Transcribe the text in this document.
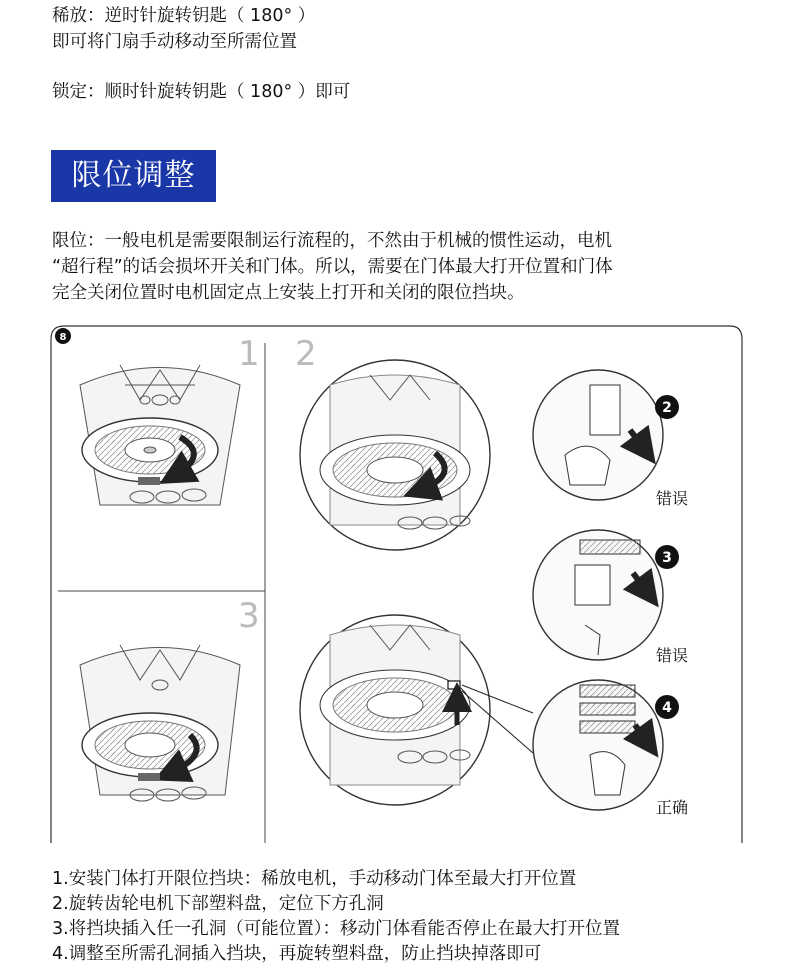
稀放：逆时针旋转钥匙（ 180° ）
即可将门扇手动移动至所需位置
锁定：顺时针旋转钥匙（ 180° ）即可
限位调整
限位：一般电机是需要限制运行流程的，不然由于机械的惯性运动，电机
“超行程”的话会损坏开关和门体。所以，需要在门体最大打开位置和门体
完全关闭位置时电机固定点上安装上打开和关闭的限位挡块。
8	1 2
3
2
错误
3
错误
4
正确
1.安装门体打开限位挡块：稀放电机，手动移动门体至最大打开位置
2.旋转齿轮电机下部塑料盘，定位下方孔洞
3.将挡块插入任一孔洞（可能位置）：移动门体看能否停止在最大打开位置
4.调整至所需孔洞插入挡块，再旋转塑料盘，防止挡块掉落即可
